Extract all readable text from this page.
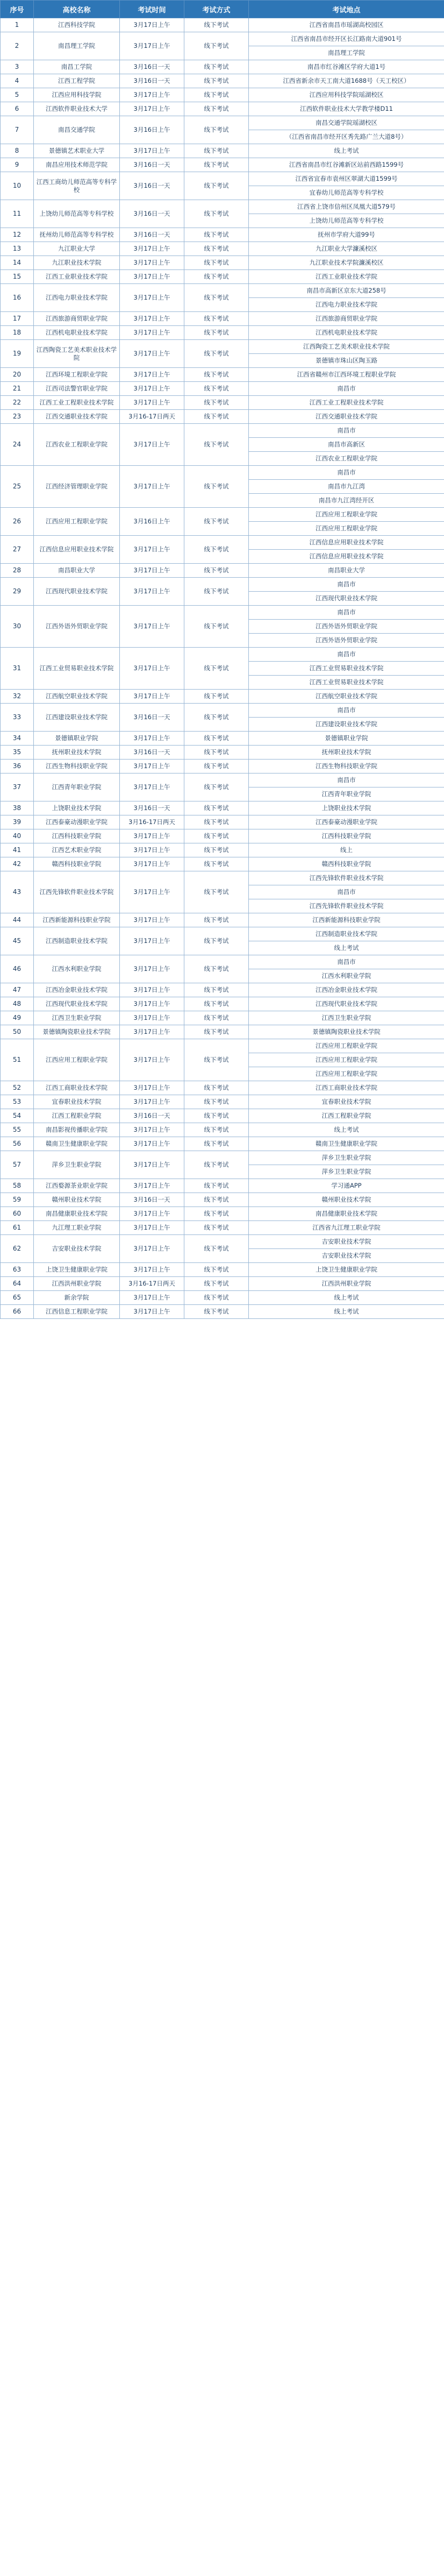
序号	高校名称	考试时间	考试方式	考试地点
1	江西科技学院	3月17日上午	线下考试	江西省南昌市瑶湖高校园区
2	南昌理工学院	3月17日上午	线下考试	江西省南昌市经开区长江路南大道901号
				南昌理工学院
3	南昌工学院	3月16日一天	线下考试	南昌市红谷滩区学府大道1号
4	江西工程学院	3月16日一天	线下考试	江西省新余市天工南大道1688号（天工校区）
5	江西应用科技学院	3月17日上午	线下考试	江西应用科技学院瑶湖校区
6	江西软件职业技术大学	3月17日上午	线下考试	江西软件职业技术大学教学楼D11
7	南昌交通学院	3月16日上午	线下考试	南昌交通学院瑶湖校区
				（江西省南昌市经开区秀先路广兰大道8号）
8	景德镇艺术职业大学	3月17日上午	线下考试	线上考试
9	南昌应用技术师范学院	3月16日一天	线下考试	江西省南昌市红谷滩新区站前西路1599号
10	江西工商幼儿师范高等专科学校	3月16日一天	线下考试	江西省宜春市袁州区翠湖大道1599号
				宜春幼儿师范高等专科学校
11	上饶幼儿师范高等专科学校	3月16日一天	线下考试	江西省上饶市信州区凤凰大道579号
				上饶幼儿师范高等专科学校
12	抚州幼儿师范高等专科学校	3月16日一天	线下考试	抚州市学府大道99号
13	九江职业大学	3月17日上午	线下考试	九江职业大学濂溪校区
14	九江职业技术学院	3月17日上午	线下考试	九江职业技术学院濂溪校区
15	江西工业职业技术学院	3月17日上午	线下考试	江西工业职业技术学院
16	江西电力职业技术学院	3月17日上午	线下考试	南昌市高新区京东大道258号
				江西电力职业技术学院
17	江西旅游商贸职业学院	3月17日上午	线下考试	江西旅游商贸职业学院
18	江西机电职业技术学院	3月17日上午	线下考试	江西机电职业技术学院
19	江西陶瓷工艺美术职业技术学院	3月17日上午	线下考试	江西陶瓷工艺美术职业技术学院
				景德镇市珠山区陶玉路
20	江西环境工程职业学院	3月17日上午	线下考试	江西省赣州市江西环境工程职业学院
21	江西司法警官职业学院	3月17日上午	线下考试	南昌市
22	江西工业工程职业技术学院	3月17日上午	线下考试	江西工业工程职业技术学院
23	江西交通职业技术学院	3月16-17日两天	线下考试	江西交通职业技术学院
24	江西农业工程职业学院	3月17日上午	线下考试	南昌市
				南昌市高新区
				江西农业工程职业学院
25	江西经济管理职业学院	3月17日上午	线下考试	南昌市
				南昌市九江湾
				南昌市九江湾经开区
26	江西应用工程职业学院	3月16日上午	线下考试	江西应用工程职业学院
				江西应用工程职业学院
27	江西信息应用职业技术学院	3月17日上午	线下考试	江西信息应用职业技术学院
				江西信息应用职业技术学院
28	南昌职业大学	3月17日上午	线下考试	南昌职业大学
29	江西现代职业技术学院	3月17日上午	线下考试	南昌市
				江西现代职业技术学院
30	江西外语外贸职业学院	3月17日上午	线下考试	南昌市
				江西外语外贸职业学院
				江西外语外贸职业学院
31	江西工业贸易职业技术学院	3月17日上午	线下考试	南昌市
				江西工业贸易职业技术学院
				江西工业贸易职业技术学院
32	江西航空职业技术学院	3月17日上午	线下考试	江西航空职业技术学院
33	江西建设职业技术学院	3月16日一天	线下考试	南昌市
				江西建设职业技术学院
34	景德镇职业学院	3月17日上午	线下考试	景德镇职业学院
35	抚州职业技术学院	3月16日一天	线下考试	抚州职业技术学院
36	江西生物科技职业学院	3月17日上午	线下考试	江西生物科技职业学院
37	江西青年职业学院	3月17日上午	线下考试	南昌市
				江西青年职业学院
38	上饶职业技术学院	3月16日一天	线下考试	上饶职业技术学院
39	江西泰豪动漫职业学院	3月16-17日两天	线下考试	江西泰豪动漫职业学院
40	江西科技职业学院	3月17日上午	线下考试	江西科技职业学院
41	江西艺术职业学院	3月17日上午	线下考试	线上
42	赣西科技职业学院	3月17日上午	线下考试	赣西科技职业学院
43	江西先锋软件职业技术学院	3月17日上午	线下考试	江西先锋软件职业技术学院
				南昌市
				江西先锋软件职业技术学院
44	江西新能源科技职业学院	3月17日上午	线下考试	江西新能源科技职业学院
45	江西制造职业技术学院	3月17日上午	线下考试	江西制造职业技术学院
				线上考试
46	江西水利职业学院	3月17日上午	线下考试	南昌市
				江西水利职业学院
47	江西冶金职业技术学院	3月17日上午	线下考试	江西冶金职业技术学院
48	江西现代职业技术学院	3月17日上午	线下考试	江西现代职业技术学院
49	江西卫生职业学院	3月17日上午	线下考试	江西卫生职业学院
50	景德镇陶瓷职业技术学院	3月17日上午	线下考试	景德镇陶瓷职业技术学院
51	江西应用工程职业学院	3月17日上午	线下考试	江西应用工程职业学院
				江西应用工程职业学院
				江西应用工程职业学院
52	江西工商职业技术学院	3月17日上午	线下考试	江西工商职业技术学院
53	宜春职业技术学院	3月17日上午	线下考试	宜春职业技术学院
54	江西工程职业学院	3月16日一天	线下考试	江西工程职业学院
55	南昌影视传播职业学院	3月17日上午	线下考试	线上考试
56	赣南卫生健康职业学院	3月17日上午	线下考试	赣南卫生健康职业学院
57	萍乡卫生职业学院	3月17日上午	线下考试	萍乡卫生职业学院
				萍乡卫生职业学院
58	江西婺源茶业职业学院	3月17日上午	线下考试	学习通APP
59	赣州职业技术学院	3月16日一天	线下考试	赣州职业技术学院
60	南昌健康职业技术学院	3月17日上午	线下考试	南昌健康职业技术学院
61	九江理工职业学院	3月17日上午	线下考试	江西省九江理工职业学院
62	吉安职业技术学院	3月17日上午	线下考试	吉安职业技术学院
				吉安职业技术学院
63	上饶卫生健康职业学院	3月17日上午	线下考试	上饶卫生健康职业学院
64	江西洪州职业学院	3月16-17日两天	线下考试	江西洪州职业学院
65	新余学院	3月17日上午	线下考试	线上考试
66	江西信息工程职业学院	3月17日上午	线下考试	线上考试
